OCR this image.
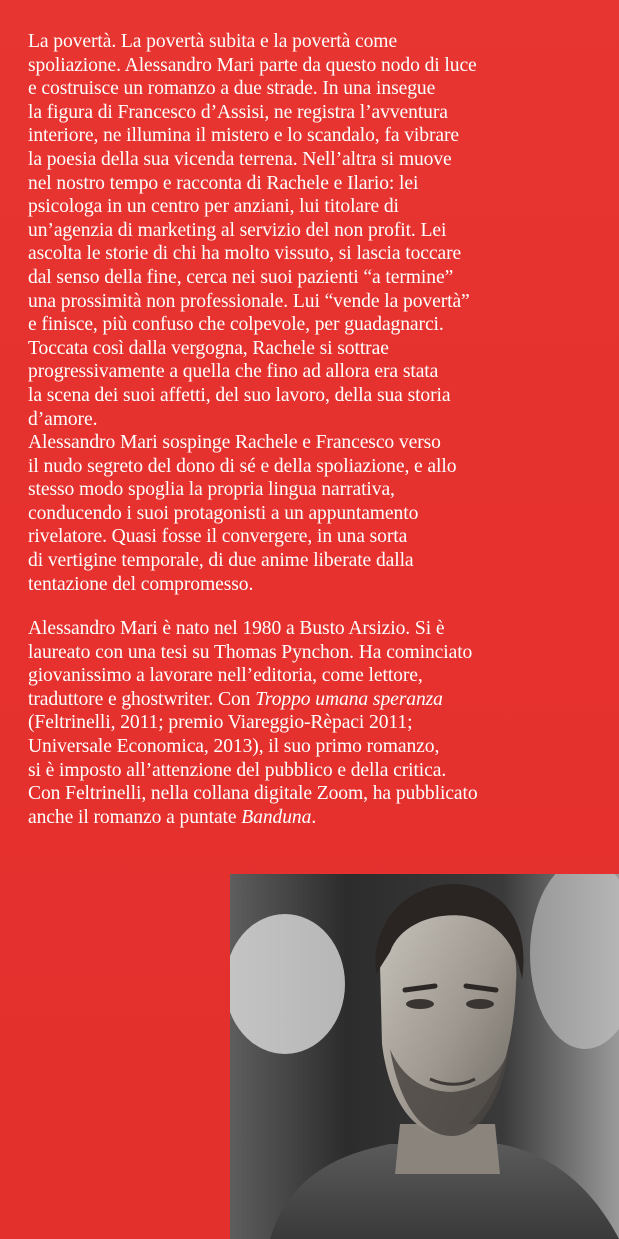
La povertà. La povertà subita e la povertà come
spoliazione. Alessandro Mari parte da questo nodo di luce
e costruisce un romanzo a due strade. In una insegue
la figura di Francesco d’Assisi, ne registra l’avventura
interiore, ne illumina il mistero e lo scandalo, fa vibrare
la poesia della sua vicenda terrena. Nell’altra si muove
nel nostro tempo e racconta di Rachele e Ilario: lei
psicologa in un centro per anziani, lui titolare di
un’agenzia di marketing al servizio del non profit. Lei
ascolta le storie di chi ha molto vissuto, si lascia toccare
dal senso della fine, cerca nei suoi pazienti “a termine”
una prossimità non professionale. Lui “vende la povertà”
e finisce, più confuso che colpevole, per guadagnarci.
Toccata così dalla vergogna, Rachele si sottrae
progressivamente a quella che fino ad allora era stata
la scena dei suoi affetti, del suo lavoro, della sua storia
d’amore.
Alessandro Mari sospinge Rachele e Francesco verso
il nudo segreto del dono di sé e della spoliazione, e allo
stesso modo spoglia la propria lingua narrativa,
conducendo i suoi protagonisti a un appuntamento
rivelatore. Quasi fosse il convergere, in una sorta
di vertigine temporale, di due anime liberate dalla
tentazione del compromesso.
Alessandro Mari è nato nel 1980 a Busto Arsizio. Si è
laureato con una tesi su Thomas Pynchon. Ha cominciato
giovanissimo a lavorare nell’editoria, come lettore,
traduttore e ghostwriter. Con Troppo umana speranza
(Feltrinelli, 2011; premio Viareggio-Rèpaci 2011;
Universale Economica, 2013), il suo primo romanzo,
si è imposto all’attenzione del pubblico e della critica.
Con Feltrinelli, nella collana digitale Zoom, ha pubblicato
anche il romanzo a puntate Banduna.
